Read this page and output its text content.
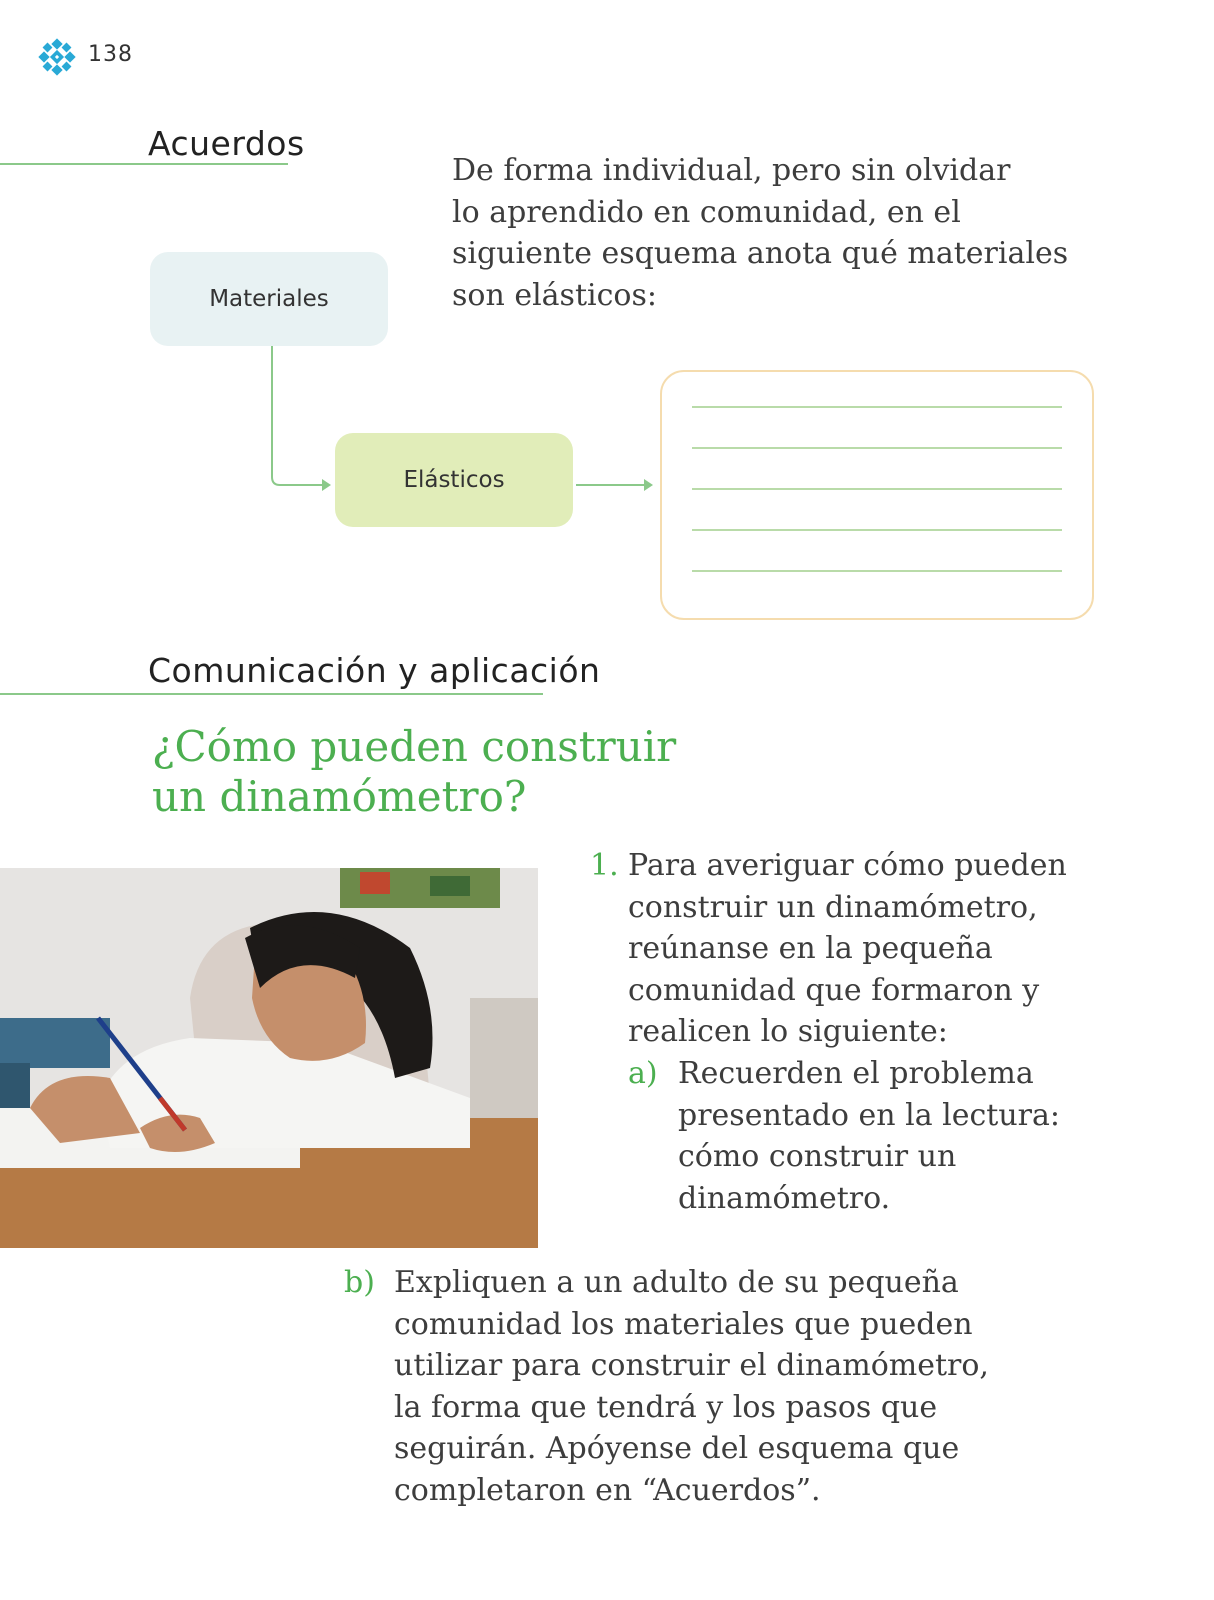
138
Acuerdos
De forma individual, pero sin olvidar
lo aprendido en comunidad, en el
siguiente esquema anota qué materiales
son elásticos:
Materiales
Elásticos
Comunicación y aplicación
¿Cómo pueden construir
un dinamómetro?
1. Para averiguar cómo pueden
construir un dinamómetro,
reúnanse en la pequeña
comunidad que formaron y
realicen lo siguiente:
a) Recuerden el problema
presentado en la lectura:
cómo construir un
dinamómetro.
b) Expliquen a un adulto de su pequeña
comunidad los materiales que pueden
utilizar para construir el dinamómetro,
la forma que tendrá y los pasos que
seguirán. Apóyense del esquema que
completaron en “Acuerdos”.
